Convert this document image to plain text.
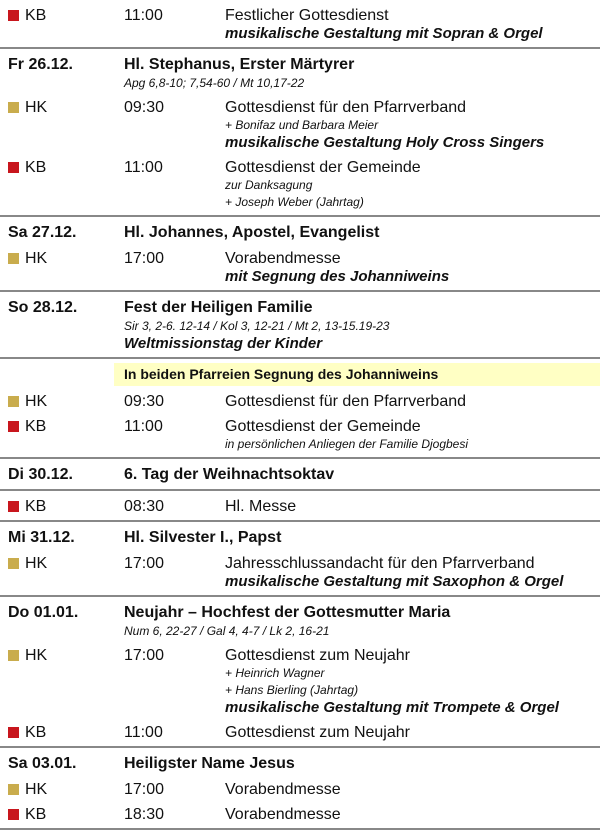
KB	11:00	Festlicher Gottesdienst
musikalische Gestaltung mit Sopran & Orgel
Fr 26.12.	Hl. Stephanus, Erster Märtyrer
Apg 6,8-10; 7,54-60 / Mt 10,17-22
HK	09:30	Gottesdienst für den Pfarrverband
+ Bonifaz und Barbara Meier
musikalische Gestaltung Holy Cross Singers
KB	11:00	Gottesdienst der Gemeinde
zur Danksagung
+ Joseph Weber (Jahrtag)
Sa 27.12.	Hl. Johannes, Apostel, Evangelist
HK	17:00	Vorabendmesse
mit Segnung des Johanniweins
So 28.12.	Fest der Heiligen Familie
Sir 3, 2-6. 12-14 / Kol 3, 12-21 / Mt 2, 13-15.19-23
Weltmissionstag der Kinder
In beiden Pfarreien Segnung des Johanniweins
HK	09:30	Gottesdienst für den Pfarrverband
KB	11:00	Gottesdienst der Gemeinde
in persönlichen Anliegen der Familie Djogbesi
Di 30.12.	6. Tag der Weihnachtsoktav
KB	08:30	Hl. Messe
Mi 31.12.	Hl. Silvester I., Papst
HK	17:00	Jahresschlussandacht für den Pfarrverband
musikalische Gestaltung mit Saxophon & Orgel
Do 01.01.	Neujahr – Hochfest der Gottesmutter Maria
Num 6, 22-27 / Gal 4, 4-7 / Lk 2, 16-21
HK	17:00	Gottesdienst zum Neujahr
+ Heinrich Wagner
+ Hans Bierling (Jahrtag)
musikalische Gestaltung mit Trompete & Orgel
KB	11:00	Gottesdienst zum Neujahr
Sa 03.01.	Heiligster Name Jesus
HK	17:00	Vorabendmesse
KB	18:30	Vorabendmesse
